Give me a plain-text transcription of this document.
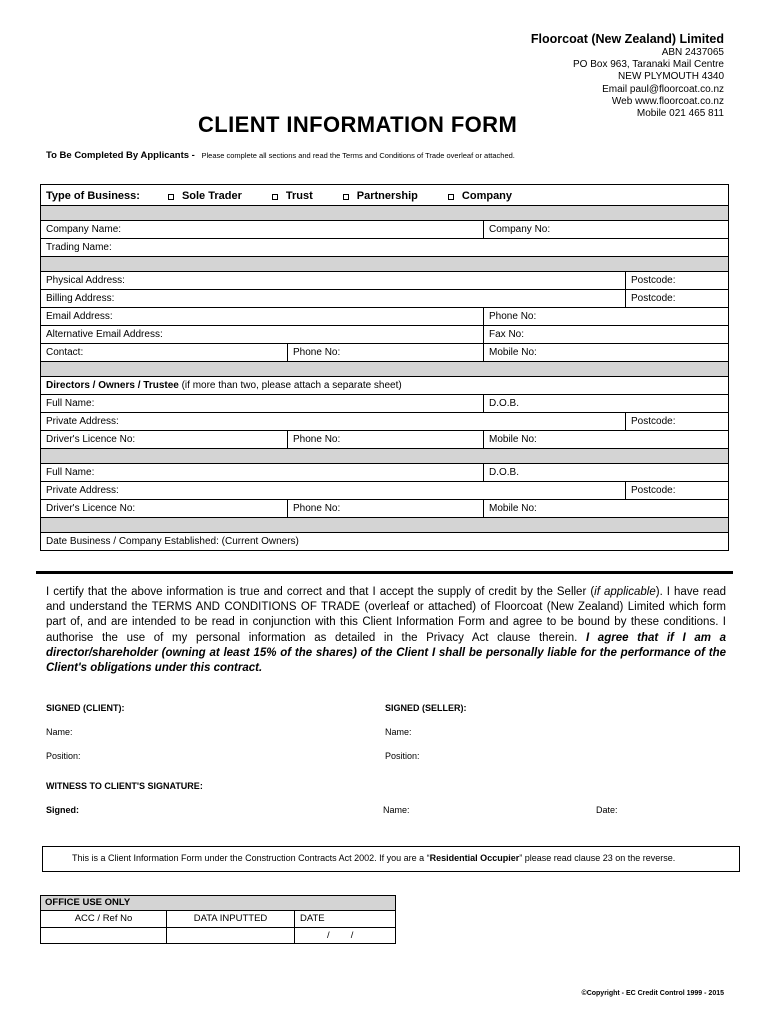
Floorcoat (New Zealand) Limited
ABN 2437065
PO Box 963, Taranaki Mail Centre
NEW PLYMOUTH 4340
Email paul@floorcoat.co.nz
Web www.floorcoat.co.nz
Mobile 021 465 811
CLIENT INFORMATION FORM
To Be Completed By Applicants - Please complete all sections and read the Terms and Conditions of Trade overleaf or attached.
Type of Business:	Sole Trader	Trust	Partnership	Company
Company Name:	Company No:
Trading Name:
Physical Address:	Postcode:
Billing Address:	Postcode:
Email Address:	Phone No:
Alternative Email Address:	Fax No:
Contact:	Phone No:	Mobile No:
Directors / Owners / Trustee (if more than two, please attach a separate sheet)
Full Name:	D.O.B.
Private Address:	Postcode:
Driver's Licence No:	Phone No:	Mobile No:
Full Name:	D.O.B.
Private Address:	Postcode:
Driver's Licence No:	Phone No:	Mobile No:
Date Business / Company Established: (Current Owners)
I certify that the above information is true and correct and that I accept the supply of credit by the Seller (if applicable). I have read and understand the TERMS AND CONDITIONS OF TRADE (overleaf or attached) of Floorcoat (New Zealand) Limited which form part of, and are intended to be read in conjunction with this Client Information Form and agree to be bound by these conditions. I authorise the use of my personal information as detailed in the Privacy Act clause therein. I agree that if I am a director/shareholder (owning at least 15% of the shares) of the Client I shall be personally liable for the performance of the Client's obligations under this contract.
SIGNED (CLIENT):	SIGNED (SELLER):
Name:	Name:
Position:	Position:
WITNESS TO CLIENT'S SIGNATURE:
Signed:	Name:	Date:
This is a Client Information Form under the Construction Contracts Act 2002. If you are a “Residential Occupier” please read clause 23 on the reverse.
OFFICE USE ONLY
ACC / Ref No	DATA INPUTTED	DATE
/        /
©Copyright - EC Credit Control 1999 - 2015
